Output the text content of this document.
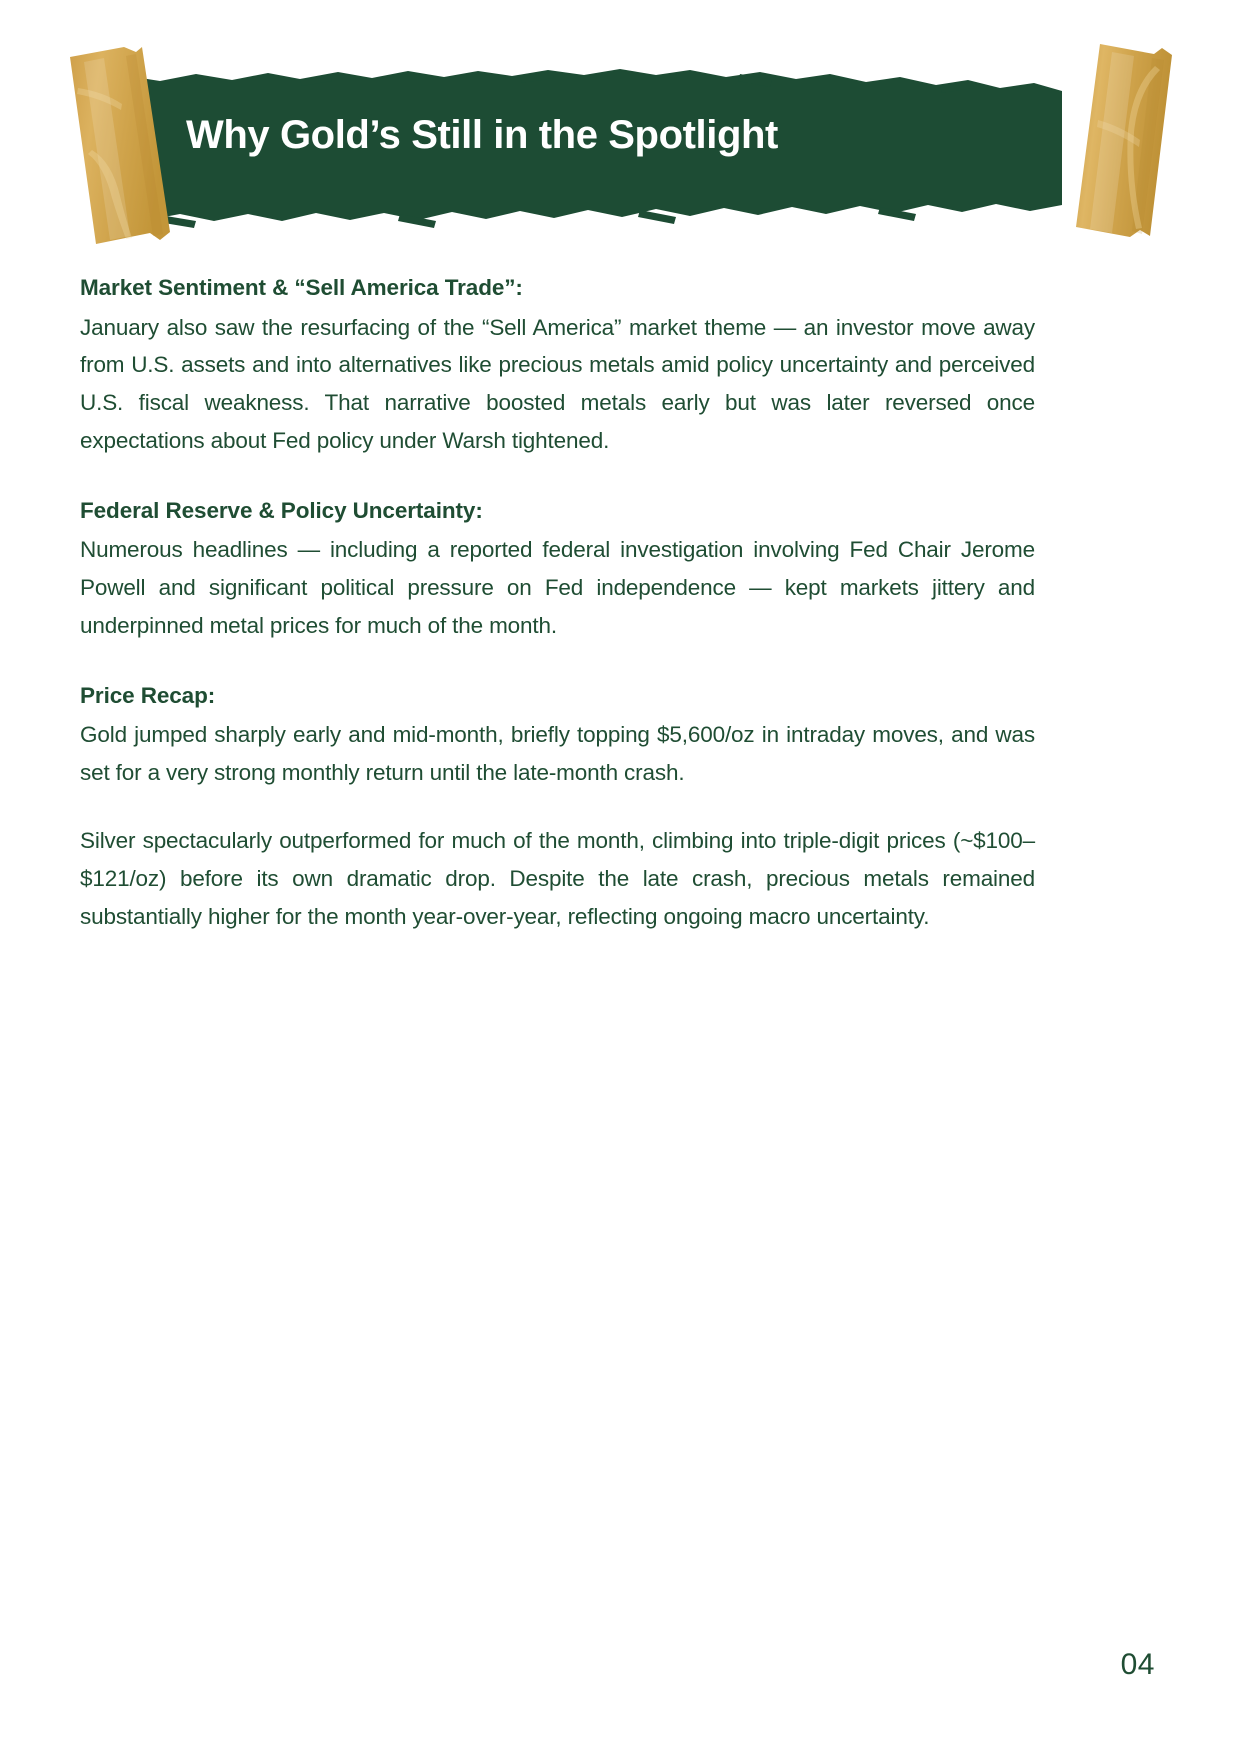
Why Gold’s Still in the Spotlight
Market Sentiment & “Sell America Trade”:

January also saw the resurfacing of the “Sell America” market theme — an investor move away from U.S. assets and into alternatives like precious metals amid policy uncertainty and perceived U.S. fiscal weakness. That narrative boosted metals early but was later reversed once expectations about Fed policy under Warsh tightened.

Federal Reserve & Policy Uncertainty:

Numerous headlines — including a reported federal investigation involving Fed Chair Jerome Powell and significant political pressure on Fed independence — kept markets jittery and underpinned metal prices for much of the month.

Price Recap:

Gold jumped sharply early and mid-month, briefly topping $5,600/oz in intraday moves, and was set for a very strong monthly return until the late-month crash.

Silver spectacularly outperformed for much of the month, climbing into triple-digit prices (~$100–$121/oz) before its own dramatic drop. Despite the late crash, precious metals remained substantially higher for the month year-over-year, reflecting ongoing macro uncertainty.

04
